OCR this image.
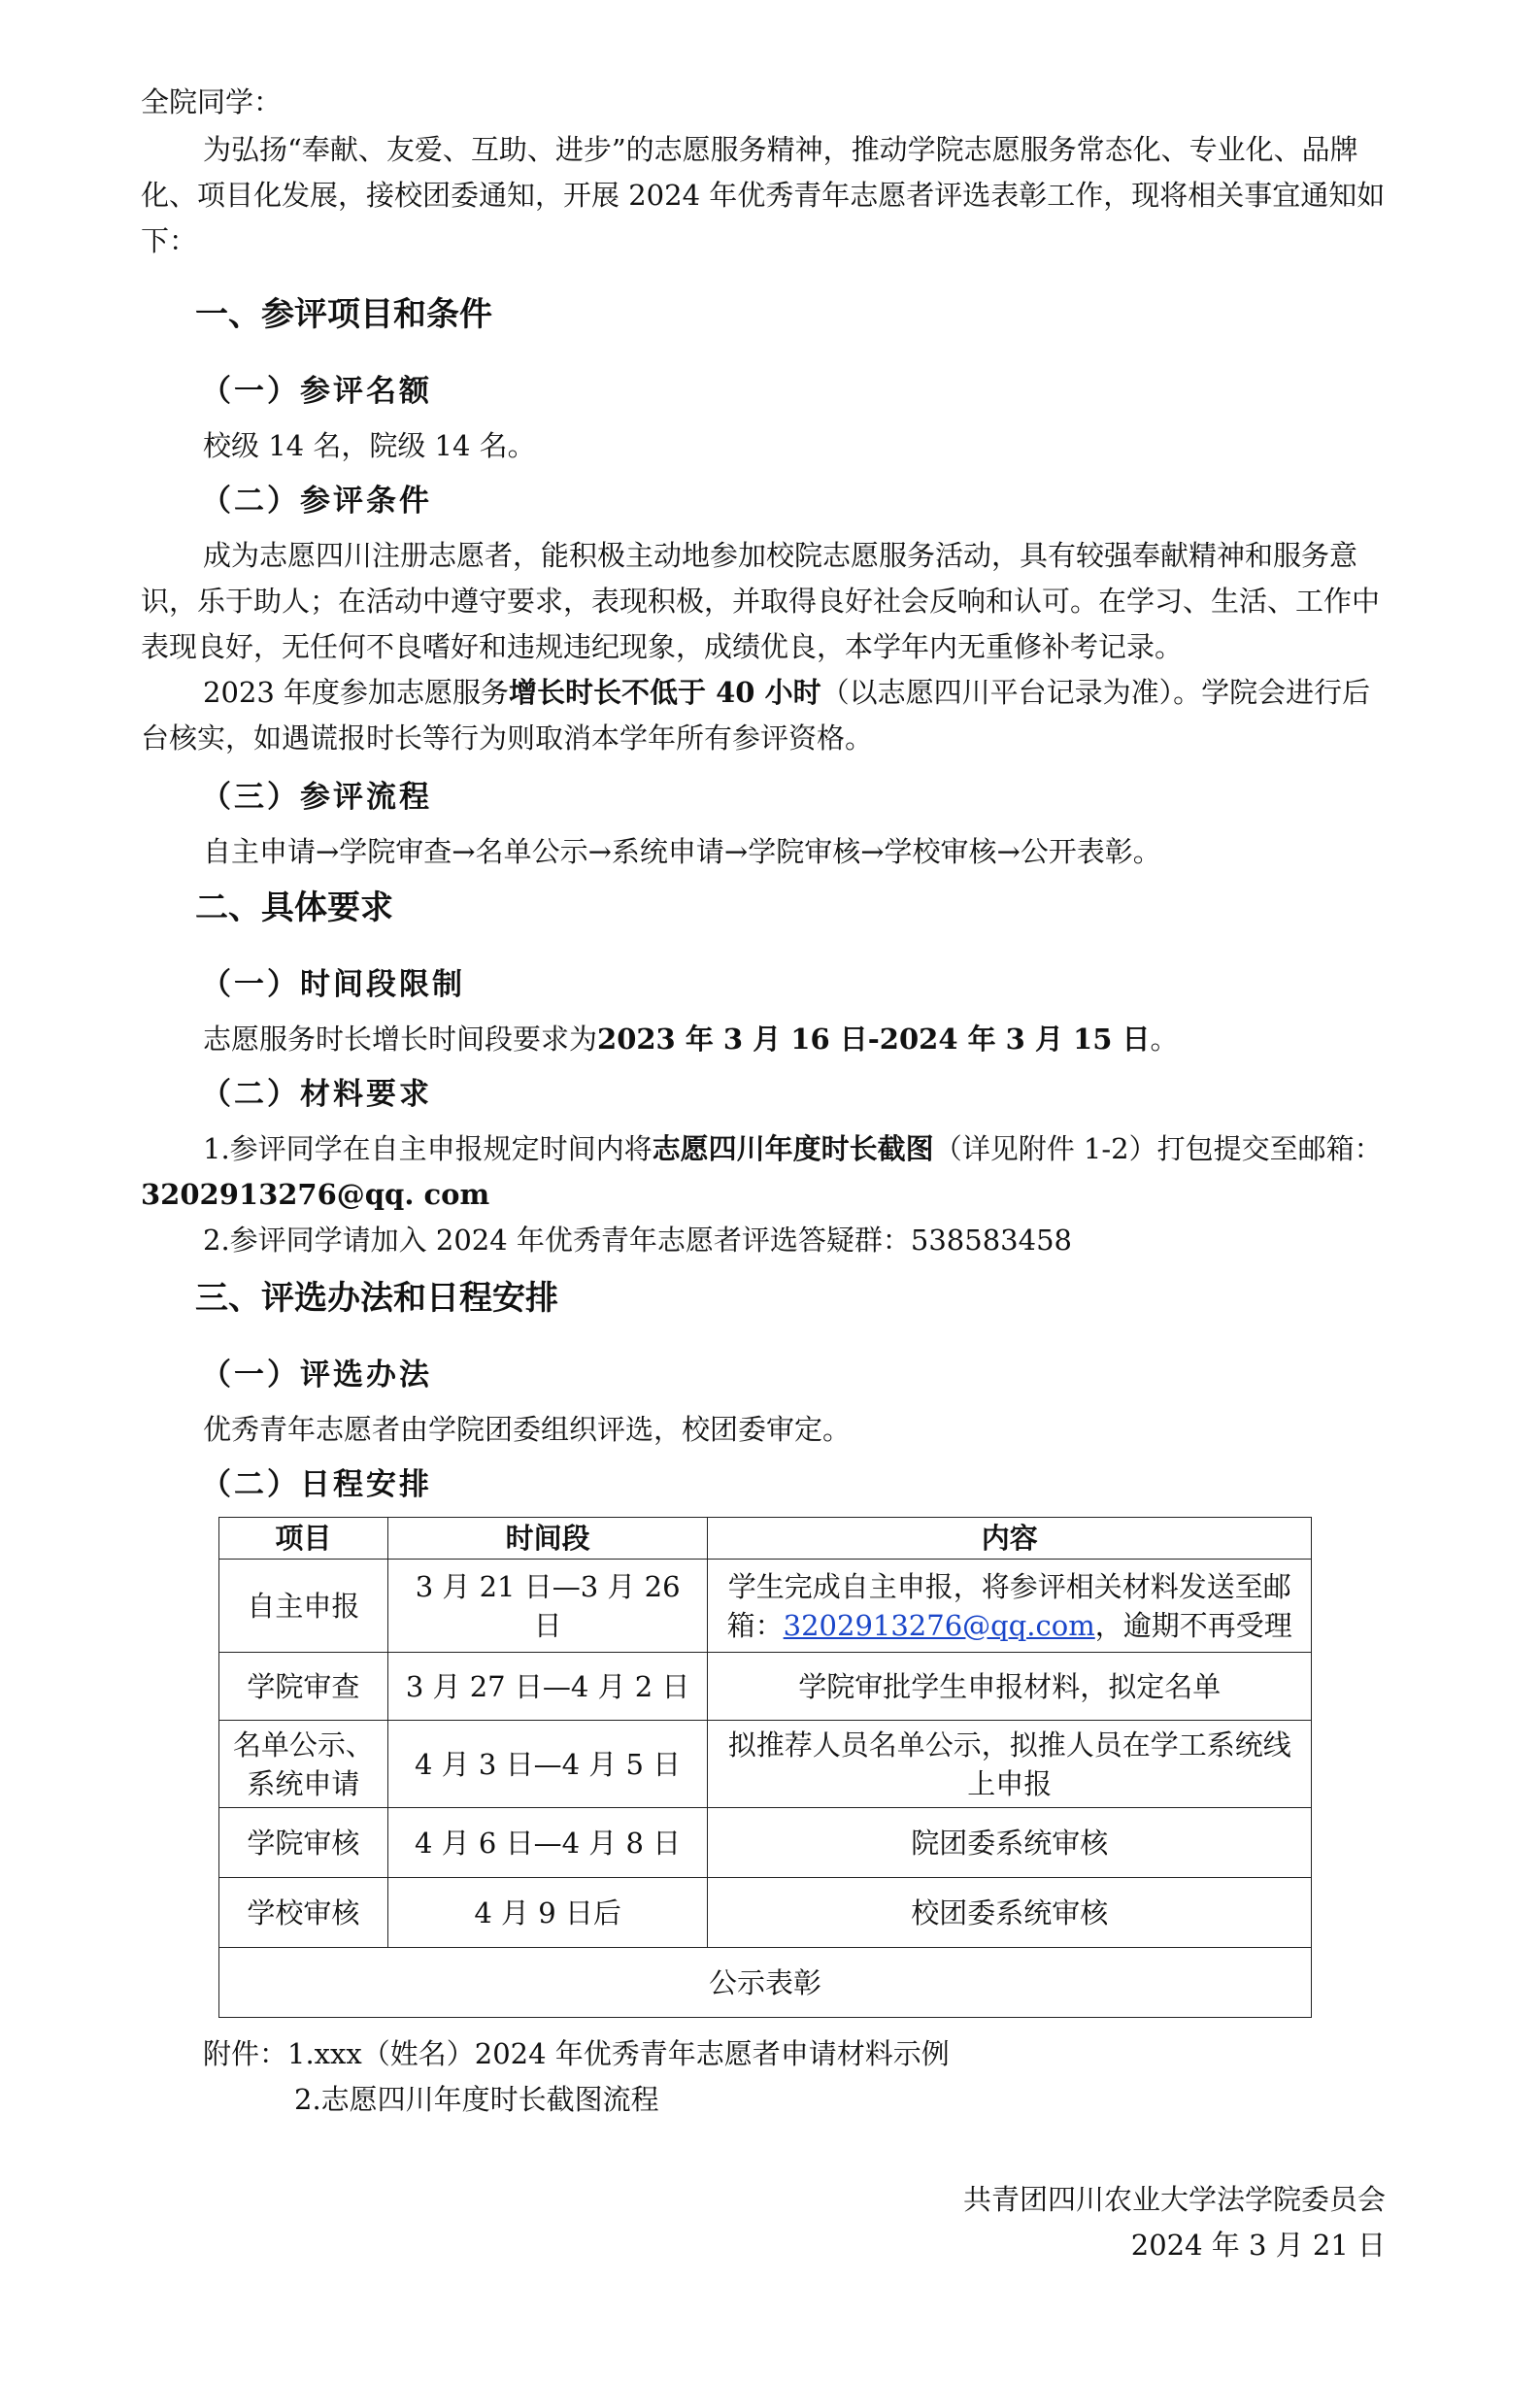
全院同学：

为弘扬“奉献、友爱、互助、进步”的志愿服务精神，推动学院志愿服务常态化、专业化、品牌化、项目化发展，接校团委通知，开展 2024 年优秀青年志愿者评选表彰工作，现将相关事宜通知如下：

一、参评项目和条件
（一）参评名额

校级 14 名，院级 14 名。

（二）参评条件

成为志愿四川注册志愿者，能积极主动地参加校院志愿服务活动，具有较强奉献精神和服务意识，乐于助人；在活动中遵守要求，表现积极，并取得良好社会反响和认可。在学习、生活、工作中表现良好，无任何不良嗜好和违规违纪现象，成绩优良，本学年内无重修补考记录。

2023 年度参加志愿服务增长时长不低于 40 小时（以志愿四川平台记录为准）。学院会进行后台核实，如遇谎报时长等行为则取消本学年所有参评资格。

（三）参评流程

自主申请→学院审查→名单公示→系统申请→学院审核→学校审核→公开表彰。

二、具体要求
（一）时间段限制

志愿服务时长增长时间段要求为2023 年 3 月 16 日-2024 年 3 月 15 日。

（二）材料要求

1.参评同学在自主申报规定时间内将志愿四川年度时长截图（详见附件 1-2）打包提交至邮箱：3202913276@qq. com

2.参评同学请加入 2024 年优秀青年志愿者评选答疑群：538583458

三、评选办法和日程安排
（一）评选办法

优秀青年志愿者由学院团委组织评选，校团委审定。

（二）日程安排
项目	时间段	内容
自主申报	3 月 21 日—3 月 26 日	学生完成自主申报，将参评相关材料发送至邮箱：3202913276@qq.com，逾期不再受理
学院审查	3 月 27 日—4 月 2 日	学院审批学生申报材料，拟定名单
名单公示、系统申请	4 月 3 日—4 月 5 日	拟推荐人员名单公示，拟推人员在学工系统线上申报
学院审核	4 月 6 日—4 月 8 日	院团委系统审核
学校审核	4 月 9 日后	校团委系统审核
公示表彰		

附件：1.xxx（姓名）2024 年优秀青年志愿者申请材料示例

2.志愿四川年度时长截图流程

共青团四川农业大学法学院委员会

2024 年 3 月 21 日
